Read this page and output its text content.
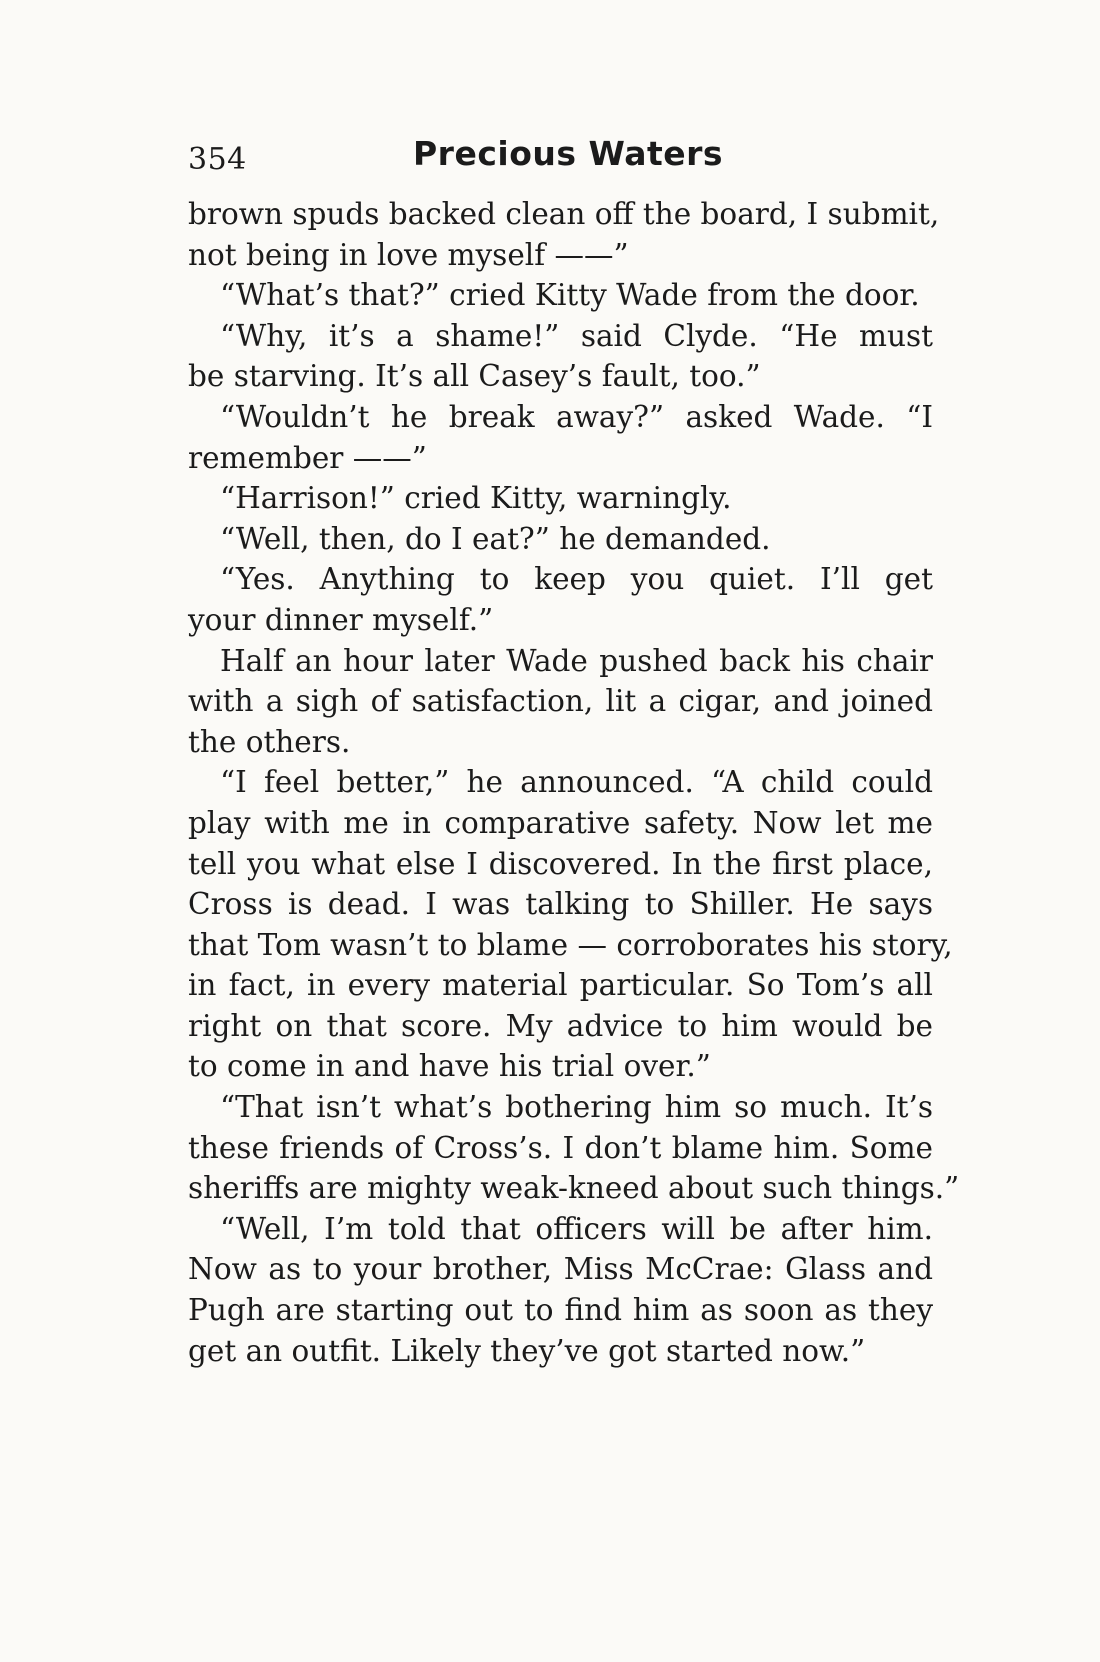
354	Precious Waters
brown spuds backed clean off the board, I submit,
not being in love myself ——”
“What’s that?” cried Kitty Wade from the door.
“Why, it’s a shame!” said Clyde. “He must
be starving. It’s all Casey’s fault, too.”
“Wouldn’t he break away?” asked Wade. “I
remember ——”
“Harrison!” cried Kitty, warningly.
“Well, then, do I eat?” he demanded.
“Yes. Anything to keep you quiet. I’ll get
your dinner myself.”
Half an hour later Wade pushed back his chair
with a sigh of satisfaction, lit a cigar, and joined
the others.
“I feel better,” he announced. “A child could
play with me in comparative safety. Now let me
tell you what else I discovered. In the first place,
Cross is dead. I was talking to Shiller. He says
that Tom wasn’t to blame — corroborates his story,
in fact, in every material particular. So Tom’s all
right on that score. My advice to him would be
to come in and have his trial over.”
“That isn’t what’s bothering him so much. It’s
these friends of Cross’s. I don’t blame him. Some
sheriffs are mighty weak-kneed about such things.”
“Well, I’m told that officers will be after him.
Now as to your brother, Miss McCrae: Glass and
Pugh are starting out to find him as soon as they
get an outfit. Likely they’ve got started now.”
